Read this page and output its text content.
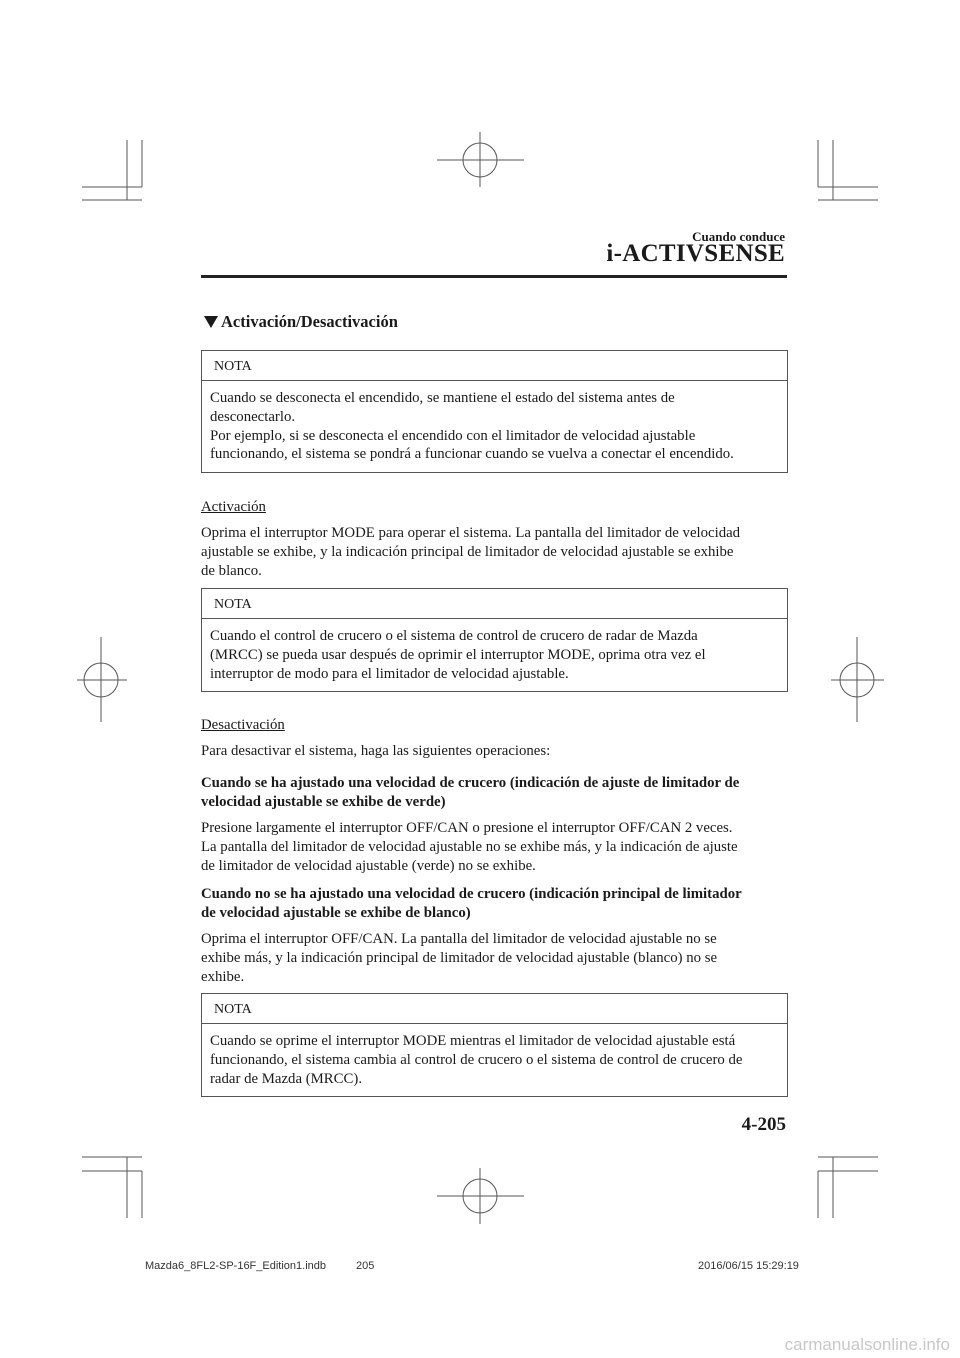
Cuando conduce
i-ACTIVSENSE
Activación/Desactivación
NOTA
Cuando se desconecta el encendido, se mantiene el estado del sistema antes de
desconectarlo.
Por ejemplo, si se desconecta el encendido con el limitador de velocidad ajustable
funcionando, el sistema se pondrá a funcionar cuando se vuelva a conectar el encendido.
Activación
Oprima el interruptor MODE para operar el sistema. La pantalla del limitador de velocidad
ajustable se exhibe, y la indicación principal de limitador de velocidad ajustable se exhibe
de blanco.
NOTA
Cuando el control de crucero o el sistema de control de crucero de radar de Mazda
(MRCC) se pueda usar después de oprimir el interruptor MODE, oprima otra vez el
interruptor de modo para el limitador de velocidad ajustable.
Desactivación
Para desactivar el sistema, haga las siguientes operaciones:
Cuando se ha ajustado una velocidad de crucero (indicación de ajuste de limitador de
velocidad ajustable se exhibe de verde)
Presione largamente el interruptor OFF/CAN o presione el interruptor OFF/CAN 2 veces.
La pantalla del limitador de velocidad ajustable no se exhibe más, y la indicación de ajuste
de limitador de velocidad ajustable (verde) no se exhibe.
Cuando no se ha ajustado una velocidad de crucero (indicación principal de limitador
de velocidad ajustable se exhibe de blanco)
Oprima el interruptor OFF/CAN. La pantalla del limitador de velocidad ajustable no se
exhibe más, y la indicación principal de limitador de velocidad ajustable (blanco) no se
exhibe.
NOTA
Cuando se oprime el interruptor MODE mientras el limitador de velocidad ajustable está
funcionando, el sistema cambia al control de crucero o el sistema de control de crucero de
radar de Mazda (MRCC).
4-205
Mazda6_8FL2-SP-16F_Edition1.indb	205	2016/06/15 15:29:19
carmanualsonline.info
